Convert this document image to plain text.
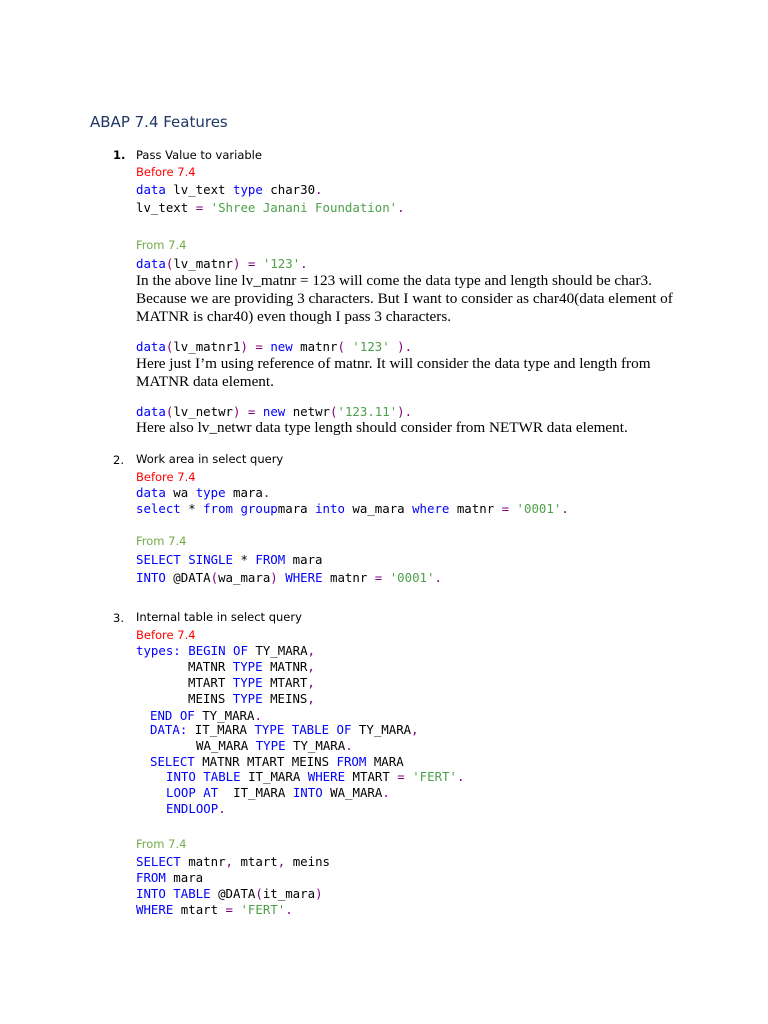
ABAP 7.4 Features
1. Pass Value to variable
Before 7.4
data lv_text type char30.
lv_text = 'Shree Janani Foundation'.
From 7.4
data(lv_matnr) = '123'.
In the above line lv_matnr = 123 will come the data type and length should be char3.
Because we are providing 3 characters. But I want to consider as char40(data element of
MATNR is char40) even though I pass 3 characters.
data(lv_matnr1) = new matnr( '123' ).
Here just I’m using reference of matnr. It will consider the data type and length from
MATNR data element.
data(lv_netwr) = new netwr('123.11').
Here also lv_netwr data type length should consider from NETWR data element.
2. Work area in select query
Before 7.4
data wa type mara.
select * from groupmara into wa_mara where matnr = '0001'.
From 7.4
SELECT SINGLE * FROM mara
INTO @DATA(wa_mara) WHERE matnr = '0001'.
3. Internal table in select query
Before 7.4
types: BEGIN OF TY_MARA,
MATNR TYPE MATNR,
MTART TYPE MTART,
MEINS TYPE MEINS,
END OF TY_MARA.
DATA: IT_MARA TYPE TABLE OF TY_MARA,
WA_MARA TYPE TY_MARA.
SELECT MATNR MTART MEINS FROM MARA
INTO TABLE IT_MARA WHERE MTART = 'FERT'.
LOOP AT  IT_MARA INTO WA_MARA.
ENDLOOP.
From 7.4
SELECT matnr, mtart, meins
FROM mara
INTO TABLE @DATA(it_mara)
WHERE mtart = 'FERT'.
